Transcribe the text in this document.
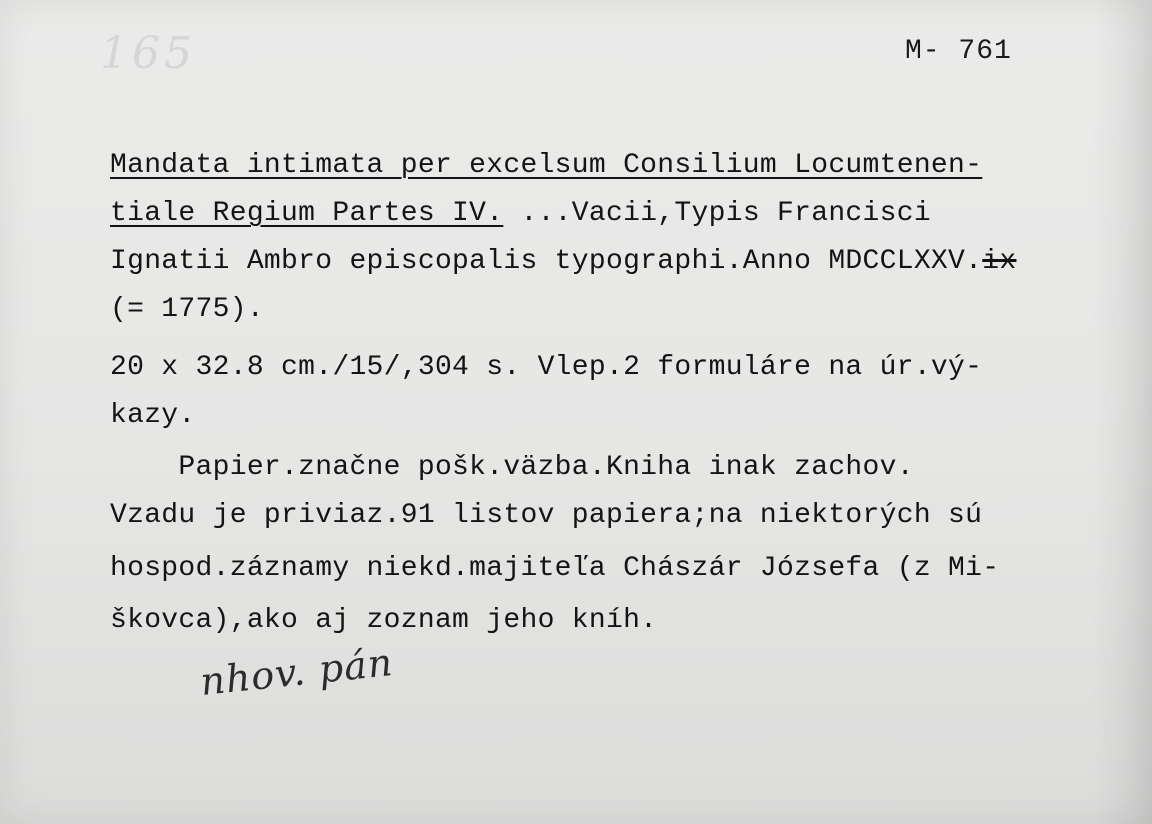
165	M- 761
Mandata intimata per excelsum Consilium Locumtenen-
tiale Regium Partes IV. ...Vacii,Typis Francisci
Ignatii Ambro episcopalis typographi.Anno MDCCLXXV.ix
(= 1775).
20 x 32.8 cm./15/,304 s. Vlep.2 formuláre na úr.vý-
kazy.
Papier.značne pošk.väzba.Kniha inak zachov.
Vzadu je priviaz.91 listov papiera;na niektorých sú
hospod.záznamy niekd.majiteľa Chászár Józsefa (z Mi-
škovca),ako aj zoznam jeho kníh.
nhov. pán
